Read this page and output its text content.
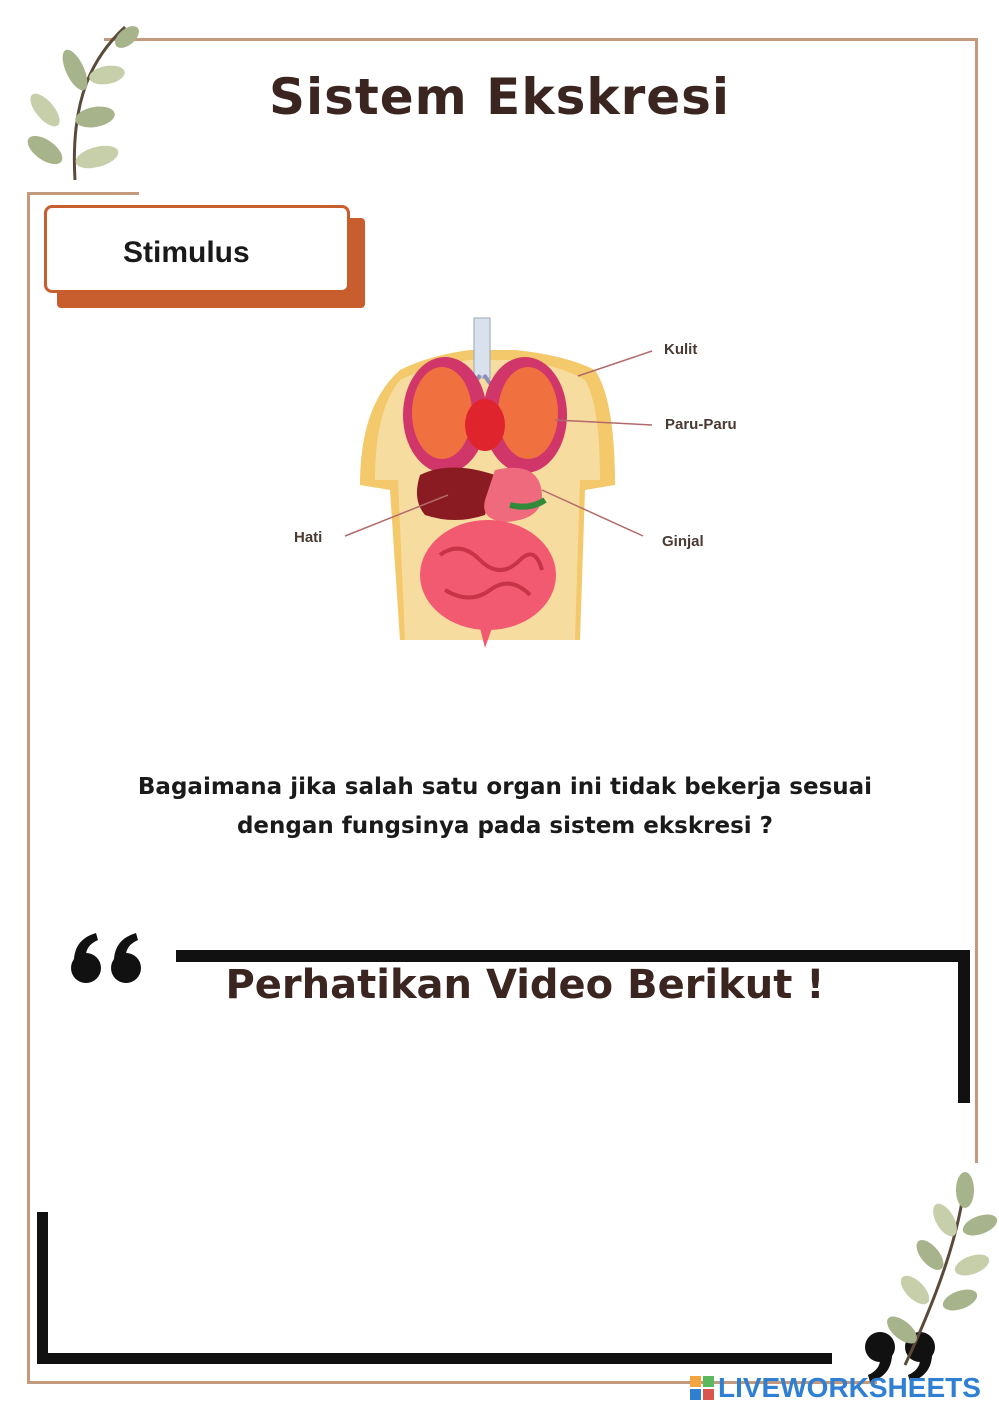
Sistem Ekskresi
Stimulus
Kulit
Paru-Paru
Hati	Ginjal
Bagaimana jika salah satu organ ini tidak bekerja sesuai
dengan fungsinya pada sistem ekskresi ?
Perhatikan Video Berikut !
LIVEWORKSHEETS
